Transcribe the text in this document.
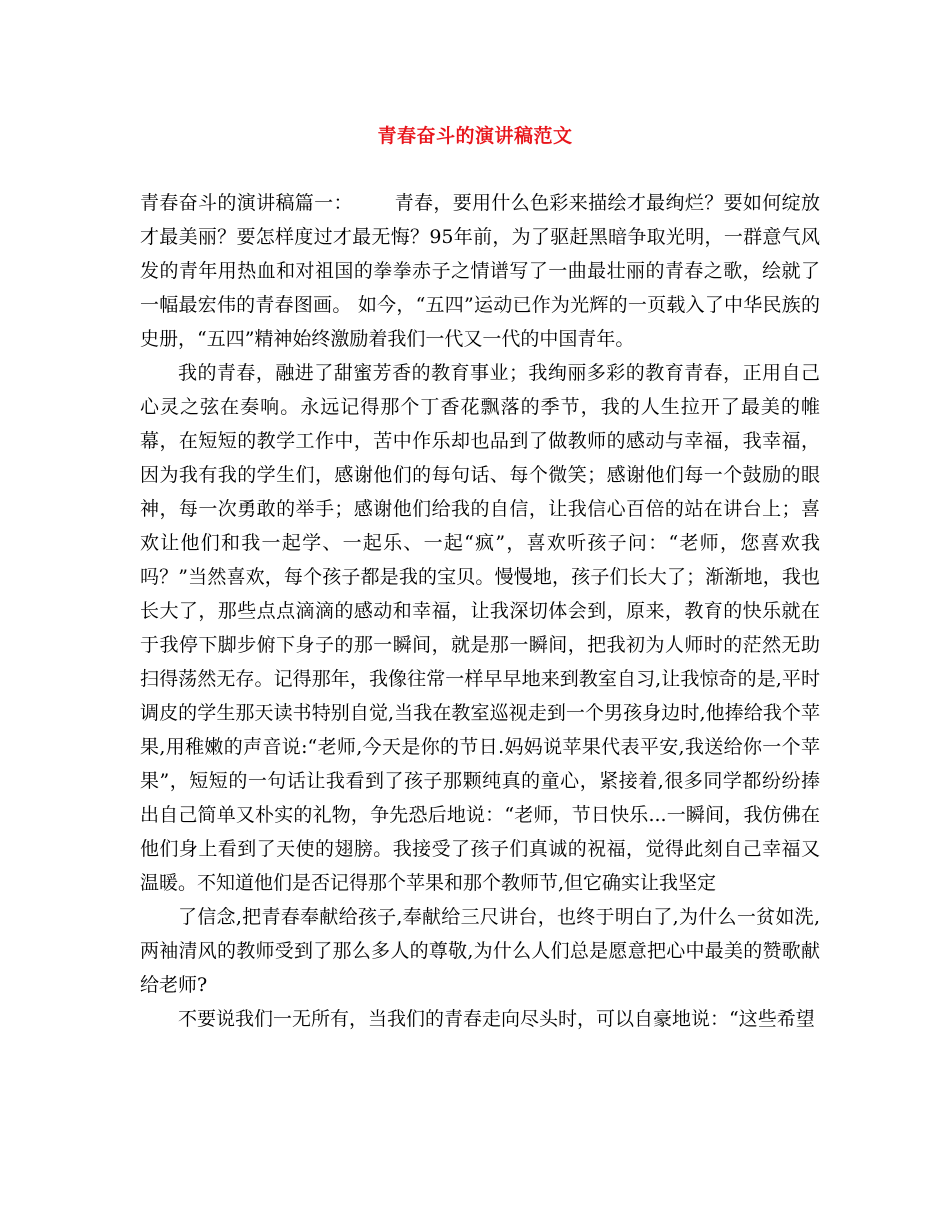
青春奋斗的演讲稿范文

青春奋斗的演讲稿篇一： 青春，要用什么色彩来描绘才最绚烂？要如何绽放才最美丽？要怎样度过才最无悔？95年前，为了驱赶黑暗争取光明，一群意气风发的青年用热血和对祖国的拳拳赤子之情谱写了一曲最壮丽的青春之歌，绘就了一幅最宏伟的青春图画。 如今，“五四”运动已作为光辉的一页载入了中华民族的史册，“五四”精神始终激励着我们一代又一代的中国青年。

我的青春，融进了甜蜜芳香的教育事业；我绚丽多彩的教育青春，正用自己心灵之弦在奏响。永远记得那个丁香花飘落的季节，我的人生拉开了最美的帷幕，在短短的教学工作中，苦中作乐却也品到了做教师的感动与幸福，我幸福，因为我有我的学生们，感谢他们的每句话、每个微笑；感谢他们每一个鼓励的眼神，每一次勇敢的举手；感谢他们给我的自信，让我信心百倍的站在讲台上；喜欢让他们和我一起学、一起乐、一起“疯”，喜欢听孩子问：“老师，您喜欢我吗？”当然喜欢，每个孩子都是我的宝贝。慢慢地，孩子们长大了；渐渐地，我也长大了，那些点点滴滴的感动和幸福，让我深切体会到，原来，教育的快乐就在于我停下脚步俯下身子的那一瞬间，就是那一瞬间，把我初为人师时的茫然无助扫得荡然无存。记得那年，我像往常一样早早地来到教室自习,让我惊奇的是,平时调皮的学生那天读书特别自觉,当我在教室巡视走到一个男孩身边时,他捧给我个苹果,用稚嫩的声音说:“老师,今天是你的节日.妈妈说苹果代表平安,我送给你一个苹果”，短短的一句话让我看到了孩子那颗纯真的童心，紧接着,很多同学都纷纷捧出自己简单又朴实的礼物，争先恐后地说：“老师，节日快乐...一瞬间，我仿佛在他们身上看到了天使的翅膀。我接受了孩子们真诚的祝福，觉得此刻自己幸福又温暖。不知道他们是否记得那个苹果和那个教师节,但它确实让我坚定

了信念,把青春奉献给孩子,奉献给三尺讲台，也终于明白了,为什么一贫如洗,两袖清风的教师受到了那么多人的尊敬,为什么人们总是愿意把心中最美的赞歌献给老师?

不要说我们一无所有，当我们的青春走向尽头时，可以自豪地说：“这些希望
